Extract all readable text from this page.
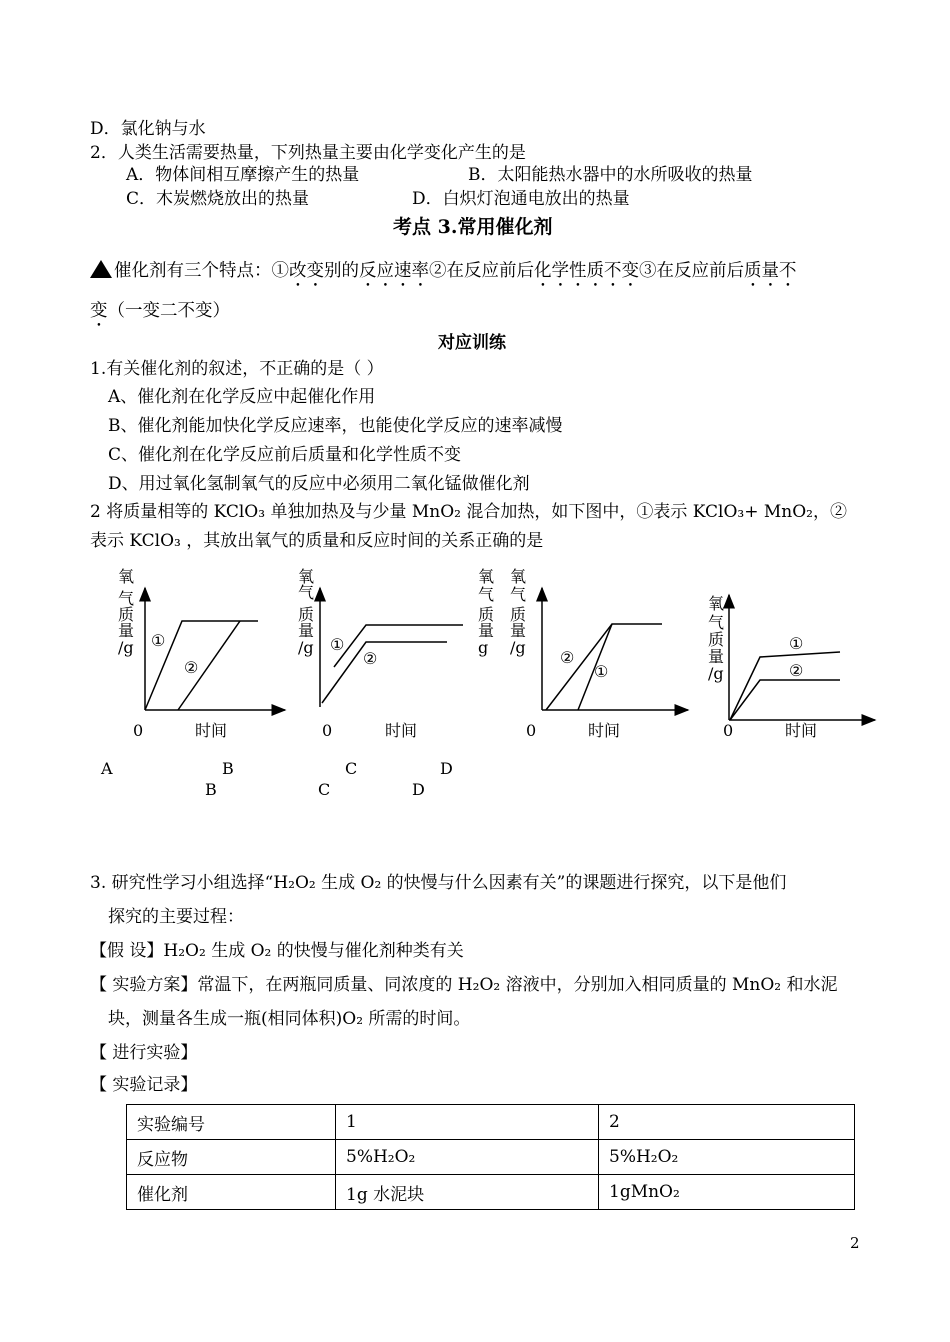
D．氯化钠与水
2．人类生活需要热量，下列热量主要由化学变化产生的是
A．物体间相互摩擦产生的热量	B．太阳能热水器中的水所吸收的热量
C．木炭燃烧放出的热量	D．白炽灯泡通电放出的热量
考点 3.常用催化剂
催化剂有三个特点：①改变别的反应速率②在反应前后化学性质不变③在反应前后质量不
变（一变二不变）
对应训练
1.有关催化剂的叙述，不正确的是（ ）
A、催化剂在化学反应中起催化作用
B、催化剂能加快化学反应速率，也能使化学反应的速率减慢
C、催化剂在化学反应前后质量和化学性质不变
D、用过氧化氢制氧气的反应中必须用二氧化锰做催化剂
2 将质量相等的 KClO₃ 单独加热及与少量 MnO₂ 混合加热，如下图中，①表示 KClO₃+ MnO₂，②
表示 KClO₃ ，其放出氧气的质量和反应时间的关系正确的是
氧
气
质
量
/g ①
②
0	时间
氧
气
质
量
/g ①
②
0	时间
氧
气
质
量
g
氧
气
质
量
/g
②
①
0	时间
氧
气
质
量
/g
①
②
0	时间
A	B	C	D
B	C	D
3. 研究性学习小组选择“H₂O₂ 生成 O₂ 的快慢与什么因素有关”的课题进行探究，以下是他们
探究的主要过程：
【假 设】H₂O₂ 生成 O₂ 的快慢与催化剂种类有关
【 实验方案】常温下，在两瓶同质量、同浓度的 H₂O₂ 溶液中，分别加入相同质量的 MnO₂ 和水泥
块，测量各生成一瓶(相同体积)O₂ 所需的时间。
【 进行实验】
【 实验记录】
实验编号	1	2
反应物	5%H₂O₂	5%H₂O₂
催化剂	1g 水泥块	1gMnO₂
2
